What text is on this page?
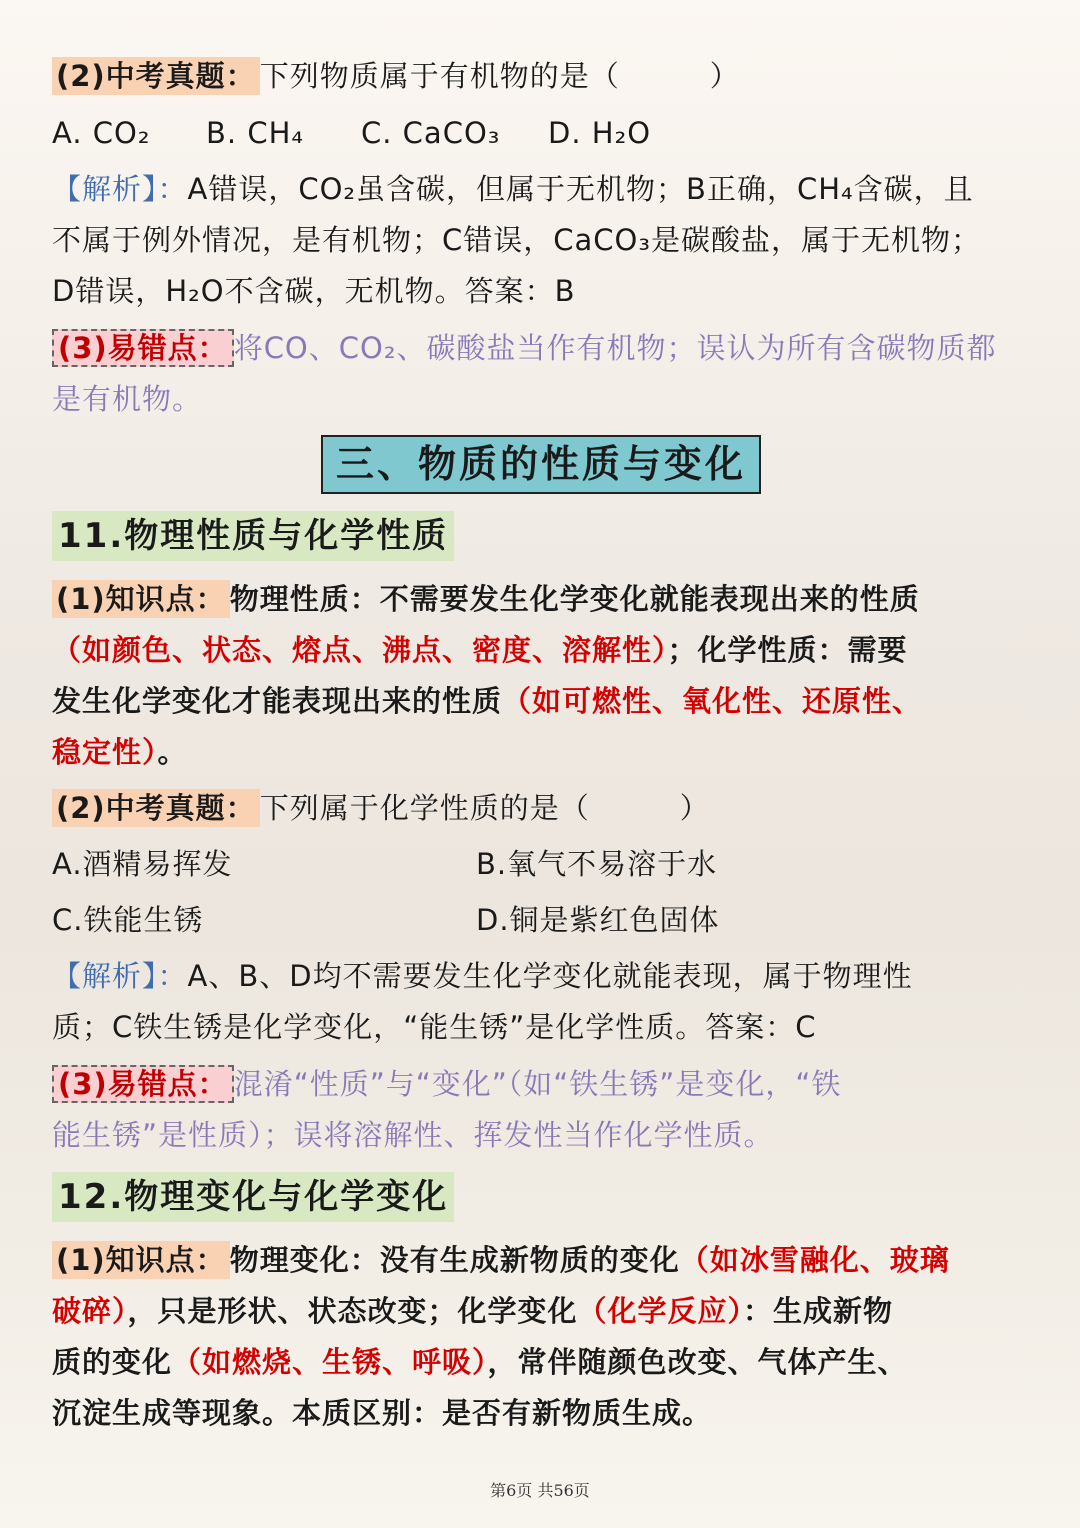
(2)中考真题： 下列物质属于有机物的是（　　　）
A. CO₂ B. CH₄ C. CaCO₃ D. H₂O
【解析】：A错误，CO₂虽含碳，但属于无机物；B正确，CH₄含碳，且
不属于例外情况，是有机物；C错误，CaCO₃是碳酸盐，属于无机物；
D错误，H₂O不含碳，无机物。答案：B
(3)易错点： 将CO、CO₂、碳酸盐当作有机物；误认为所有含碳物质都
是有机物。
三、物质的性质与变化
11.物理性质与化学性质
(1)知识点： 物理性质：不需要发生化学变化就能表现出来的性质
（如颜色、状态、熔点、沸点、密度、溶解性）；化学性质：需要
发生化学变化才能表现出来的性质（如可燃性、氧化性、还原性、
稳定性）。
(2)中考真题： 下列属于化学性质的是（　　　）
A.酒精易挥发	B.氧气不易溶于水
C.铁能生锈	D.铜是紫红色固体
【解析】：A、B、D均不需要发生化学变化就能表现，属于物理性
质；C铁生锈是化学变化，“能生锈”是化学性质。答案：C
(3)易错点： 混淆“性质”与“变化”（如“铁生锈”是变化，“铁
能生锈”是性质）；误将溶解性、挥发性当作化学性质。
12.物理变化与化学变化
(1)知识点： 物理变化：没有生成新物质的变化（如冰雪融化、玻璃
破碎），只是形状、状态改变；化学变化（化学反应）：生成新物
质的变化（如燃烧、生锈、呼吸），常伴随颜色改变、气体产生、
沉淀生成等现象。本质区别：是否有新物质生成。
第6页 共56页
